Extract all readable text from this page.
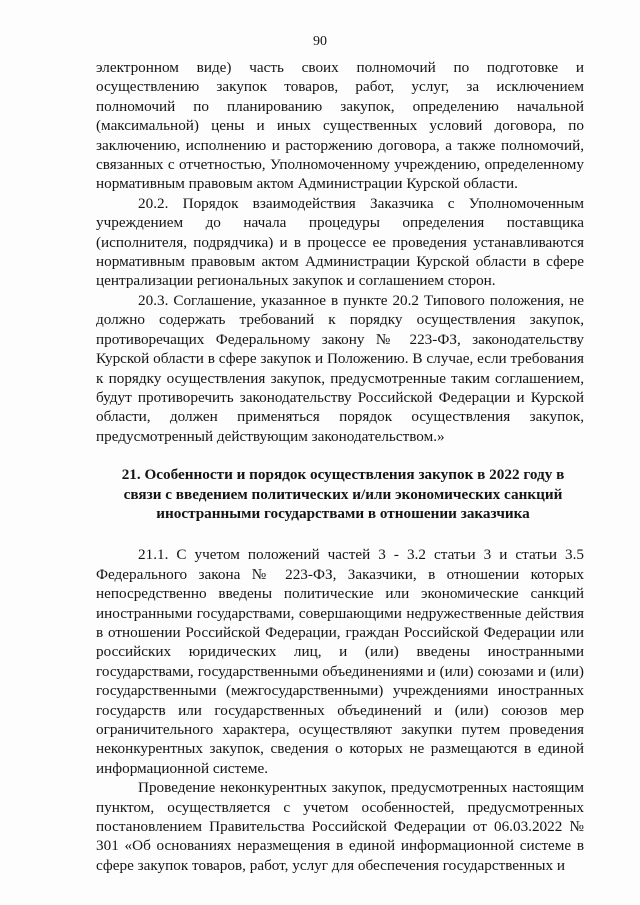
90

электронном виде) часть своих полномочий по подготовке и осуществлению закупок товаров, работ, услуг, за исключением полномочий по планированию закупок, определению начальной (максимальной) цены и иных существенных условий договора, по заключению, исполнению и расторжению договора, а также полномочий, связанных с отчетностью, Уполномоченному учреждению, определенному нормативным правовым актом Администрации Курской области.

20.2. Порядок взаимодействия Заказчика с Уполномоченным учреждением до начала процедуры определения поставщика (исполнителя, подрядчика) и в процессе ее проведения устанавливаются нормативным правовым актом Администрации Курской области в сфере централизации региональных закупок и соглашением сторон.

20.3. Соглашение, указанное в пункте 20.2 Типового положения, не должно содержать требований к порядку осуществления закупок, противоречащих Федеральному закону № 223-ФЗ, законодательству Курской области в сфере закупок и Положению. В случае, если требования к порядку осуществления закупок, предусмотренные таким соглашением, будут противоречить законодательству Российской Федерации и Курской области, должен применяться порядок осуществления закупок, предусмотренный действующим законодательством.»

21. Особенности и порядок осуществления закупок в 2022 году в связи с введением политических и/или экономических санкций иностранными государствами в отношении заказчика

21.1. С учетом положений частей 3 - 3.2 статьи 3 и статьи 3.5 Федерального закона № 223-ФЗ, Заказчики, в отношении которых непосредственно введены политические или экономические санкций иностранными государствами, совершающими недружественные действия в отношении Российской Федерации, граждан Российской Федерации или российских юридических лиц, и (или) введены иностранными государствами, государственными объединениями и (или) союзами и (или) государственными (межгосударственными) учреждениями иностранных государств или государственных объединений и (или) союзов мер ограничительного характера, осуществляют закупки путем проведения неконкурентных закупок, сведения о которых не размещаются в единой информационной системе.

Проведение неконкурентных закупок, предусмотренных настоящим пунктом, осуществляется с учетом особенностей, предусмотренных постановлением Правительства Российской Федерации от 06.03.2022 № 301 «Об основаниях неразмещения в единой информационной системе в сфере закупок товаров, работ, услуг для обеспечения государственных и
